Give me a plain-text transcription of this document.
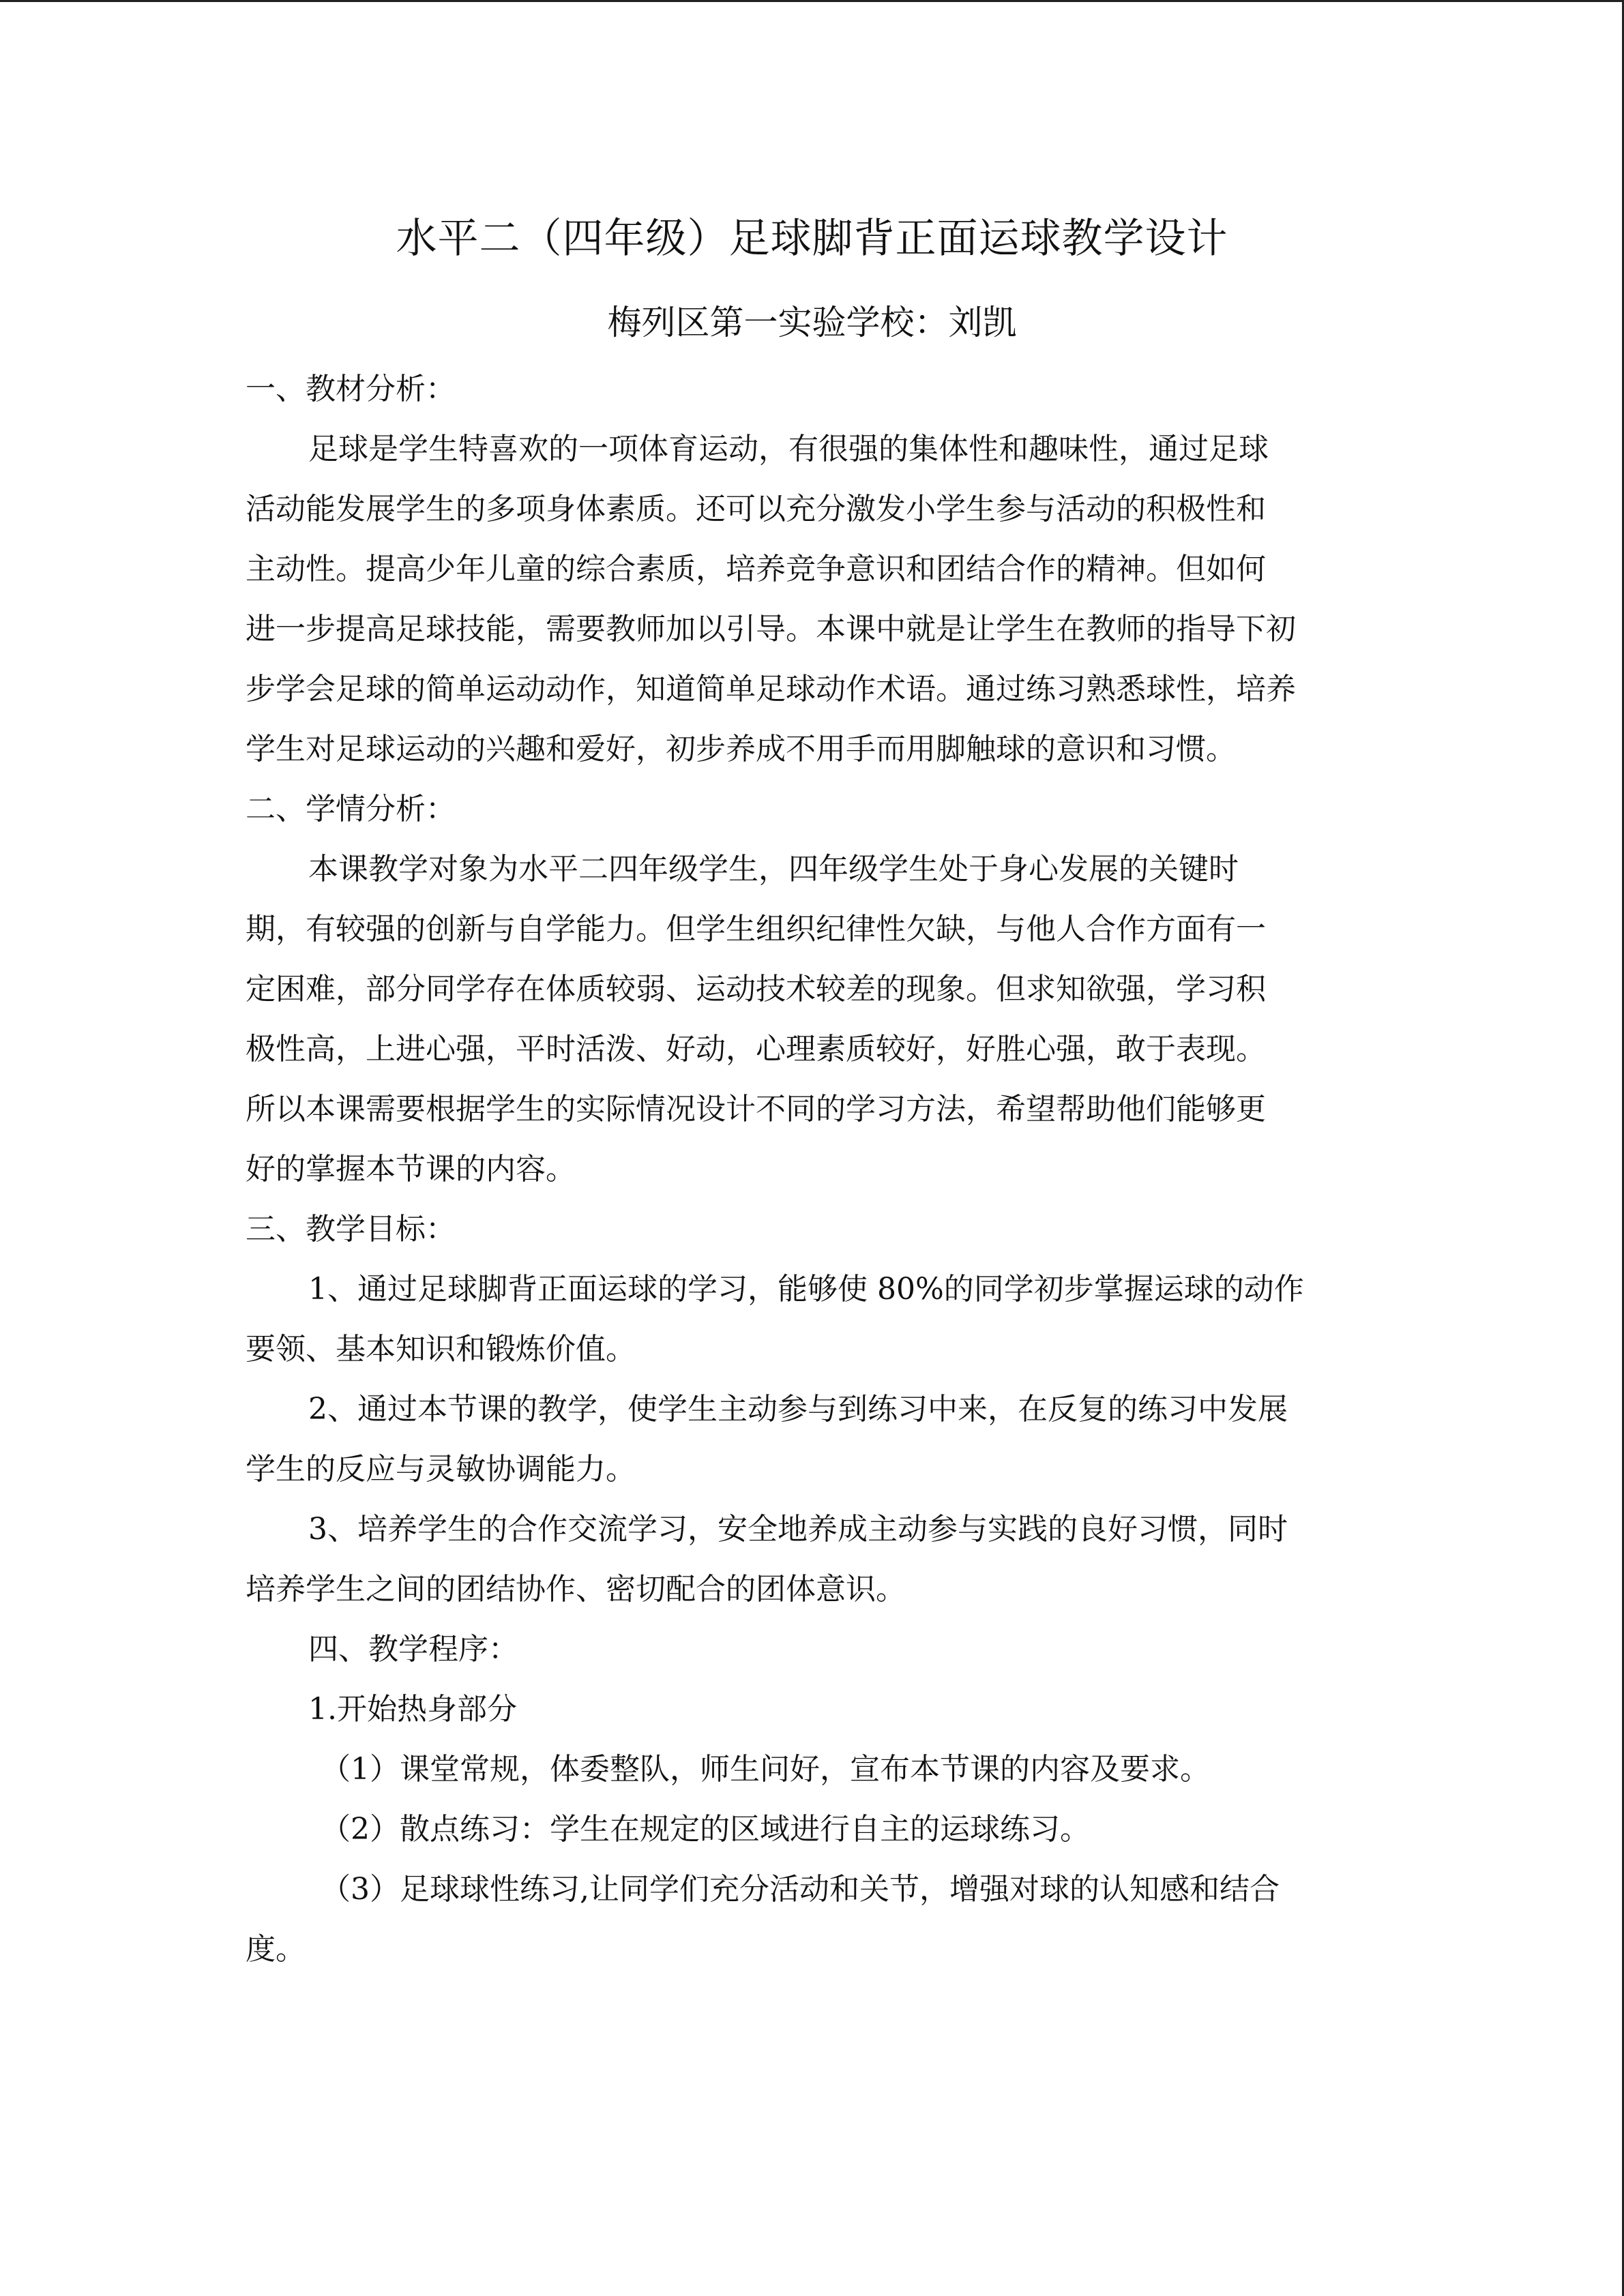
水平二（四年级）足球脚背正面运球教学设计
梅列区第一实验学校：刘凯

一、教材分析：

足球是学生特喜欢的一项体育运动，有很强的集体性和趣味性，通过足球

活动能发展学生的多项身体素质。还可以充分激发小学生参与活动的积极性和

主动性。提高少年儿童的综合素质，培养竞争意识和团结合作的精神。但如何

进一步提高足球技能，需要教师加以引导。本课中就是让学生在教师的指导下初

步学会足球的简单运动动作，知道简单足球动作术语。通过练习熟悉球性，培养

学生对足球运动的兴趣和爱好，初步养成不用手而用脚触球的意识和习惯。

二、学情分析：

本课教学对象为水平二四年级学生，四年级学生处于身心发展的关键时

期，有较强的创新与自学能力。但学生组织纪律性欠缺，与他人合作方面有一

定困难，部分同学存在体质较弱、运动技术较差的现象。但求知欲强，学习积

极性高，上进心强，平时活泼、好动，心理素质较好，好胜心强，敢于表现。

所以本课需要根据学生的实际情况设计不同的学习方法，希望帮助他们能够更

好的掌握本节课的内容。

三、教学目标：

1、通过足球脚背正面运球的学习，能够使 80%的同学初步掌握运球的动作

要领、基本知识和锻炼价值。

2、通过本节课的教学，使学生主动参与到练习中来，在反复的练习中发展

学生的反应与灵敏协调能力。

3、培养学生的合作交流学习，安全地养成主动参与实践的良好习惯，同时

培养学生之间的团结协作、密切配合的团体意识。

四、教学程序：

1.开始热身部分

（1）课堂常规，体委整队，师生问好，宣布本节课的内容及要求。

（2）散点练习：学生在规定的区域进行自主的运球练习。

（3）足球球性练习,让同学们充分活动和关节，增强对球的认知感和结合

度。
